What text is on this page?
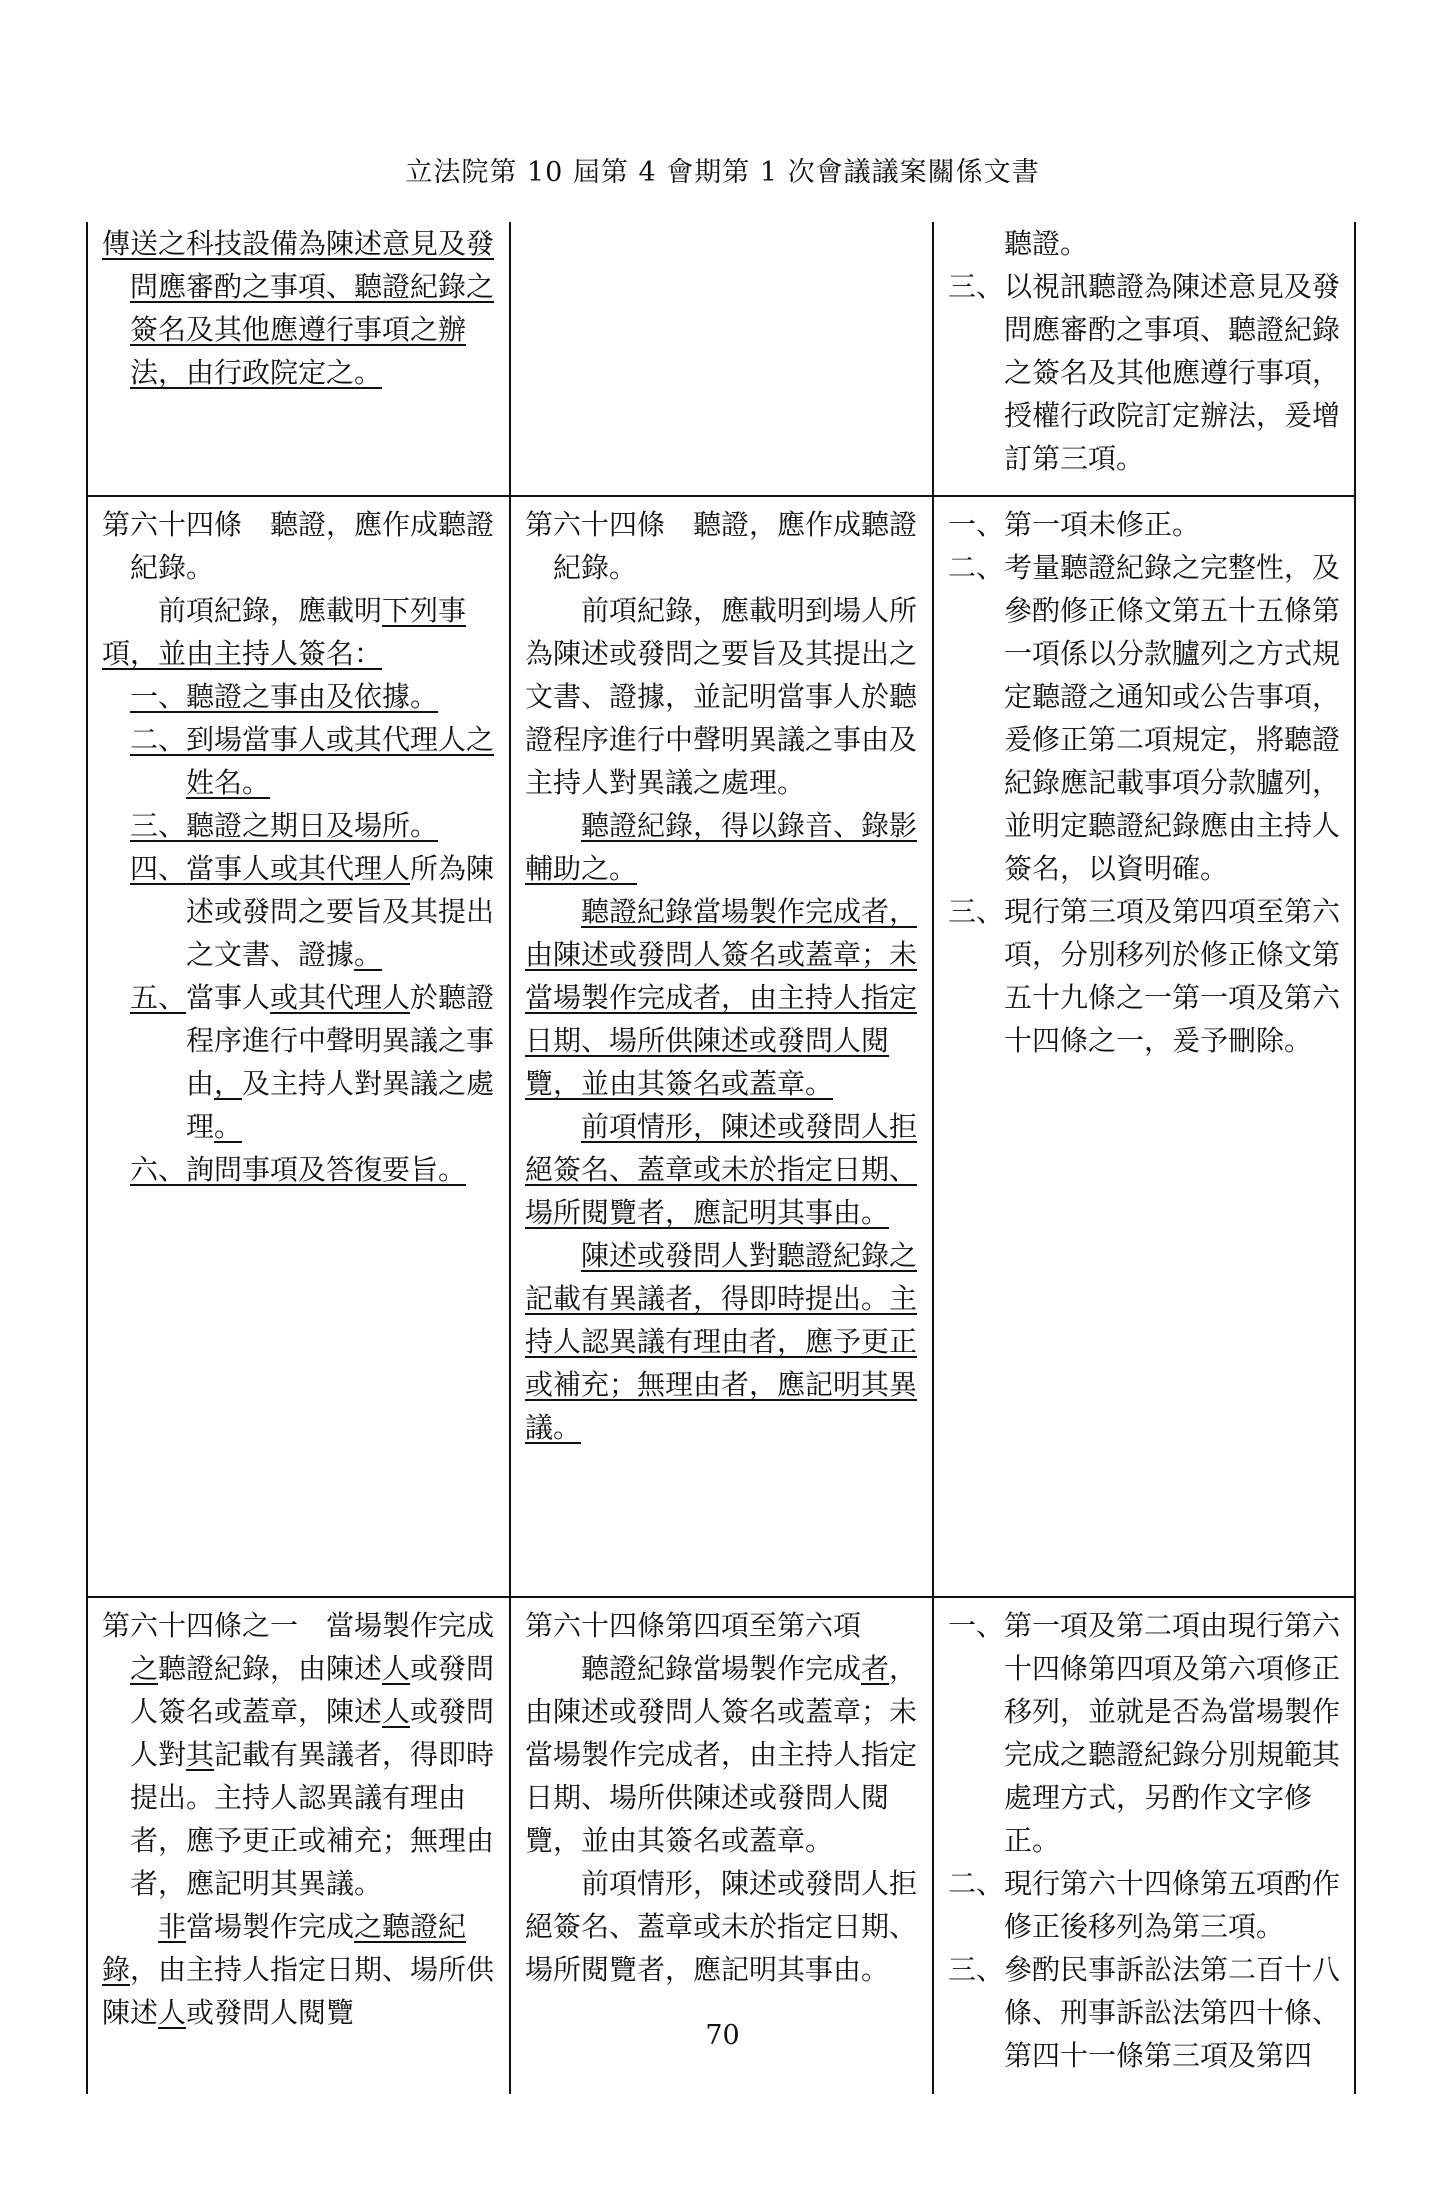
立法院第 10 屆第 4 會期第 1 次會議議案關係文書

傳送之科技設備為陳述意見及發問應審酌之事項、聽證紀錄之簽名及其他應遵行事項之辦法，由行政院定之。

　　聽證。

三、以視訊聽證為陳述意見及發問應審酌之事項、聽證紀錄之簽名及其他應遵行事項，授權行政院訂定辦法，爰增訂第三項。

第六十四條　聽證，應作成聽證紀錄。

前項紀錄，應載明下列事項，並由主持人簽名：

一、聽證之事由及依據。

二、到場當事人或其代理人之姓名。

三、聽證之期日及場所。

四、當事人或其代理人所為陳述或發問之要旨及其提出之文書、證據。

五、當事人或其代理人於聽證程序進行中聲明異議之事由，及主持人對異議之處理。

六、詢問事項及答復要旨。

第六十四條　聽證，應作成聽證紀錄。

前項紀錄，應載明到場人所為陳述或發問之要旨及其提出之文書、證據，並記明當事人於聽證程序進行中聲明異議之事由及主持人對異議之處理。

聽證紀錄，得以錄音、錄影輔助之。

聽證紀錄當場製作完成者，由陳述或發問人簽名或蓋章；未當場製作完成者，由主持人指定日期、場所供陳述或發問人閱覽，並由其簽名或蓋章。

前項情形，陳述或發問人拒絕簽名、蓋章或未於指定日期、場所閱覽者，應記明其事由。

陳述或發問人對聽證紀錄之記載有異議者，得即時提出。主持人認異議有理由者，應予更正或補充；無理由者，應記明其異議。

一、第一項未修正。

二、考量聽證紀錄之完整性，及參酌修正條文第五十五條第一項係以分款臚列之方式規定聽證之通知或公告事項，爰修正第二項規定，將聽證紀錄應記載事項分款臚列，並明定聽證紀錄應由主持人簽名，以資明確。

三、現行第三項及第四項至第六項，分別移列於修正條文第五十九條之一第一項及第六十四條之一，爰予刪除。

第六十四條之一　當場製作完成之聽證紀錄，由陳述人或發問人簽名或蓋章，陳述人或發問人對其記載有異議者，得即時提出。主持人認異議有理由者，應予更正或補充；無理由者，應記明其異議。

非當場製作完成之聽證紀錄，由主持人指定日期、場所供陳述人或發問人閱覽

第六十四條第四項至第六項

聽證紀錄當場製作完成者，由陳述或發問人簽名或蓋章；未當場製作完成者，由主持人指定日期、場所供陳述或發問人閱覽，並由其簽名或蓋章。

前項情形，陳述或發問人拒絕簽名、蓋章或未於指定日期、場所閱覽者，應記明其事由。

一、第一項及第二項由現行第六十四條第四項及第六項修正移列，並就是否為當場製作完成之聽證紀錄分別規範其處理方式，另酌作文字修正。

二、現行第六十四條第五項酌作修正後移列為第三項。

三、參酌民事訴訟法第二百十八條、刑事訴訟法第四十條、第四十一條第三項及第四

70
